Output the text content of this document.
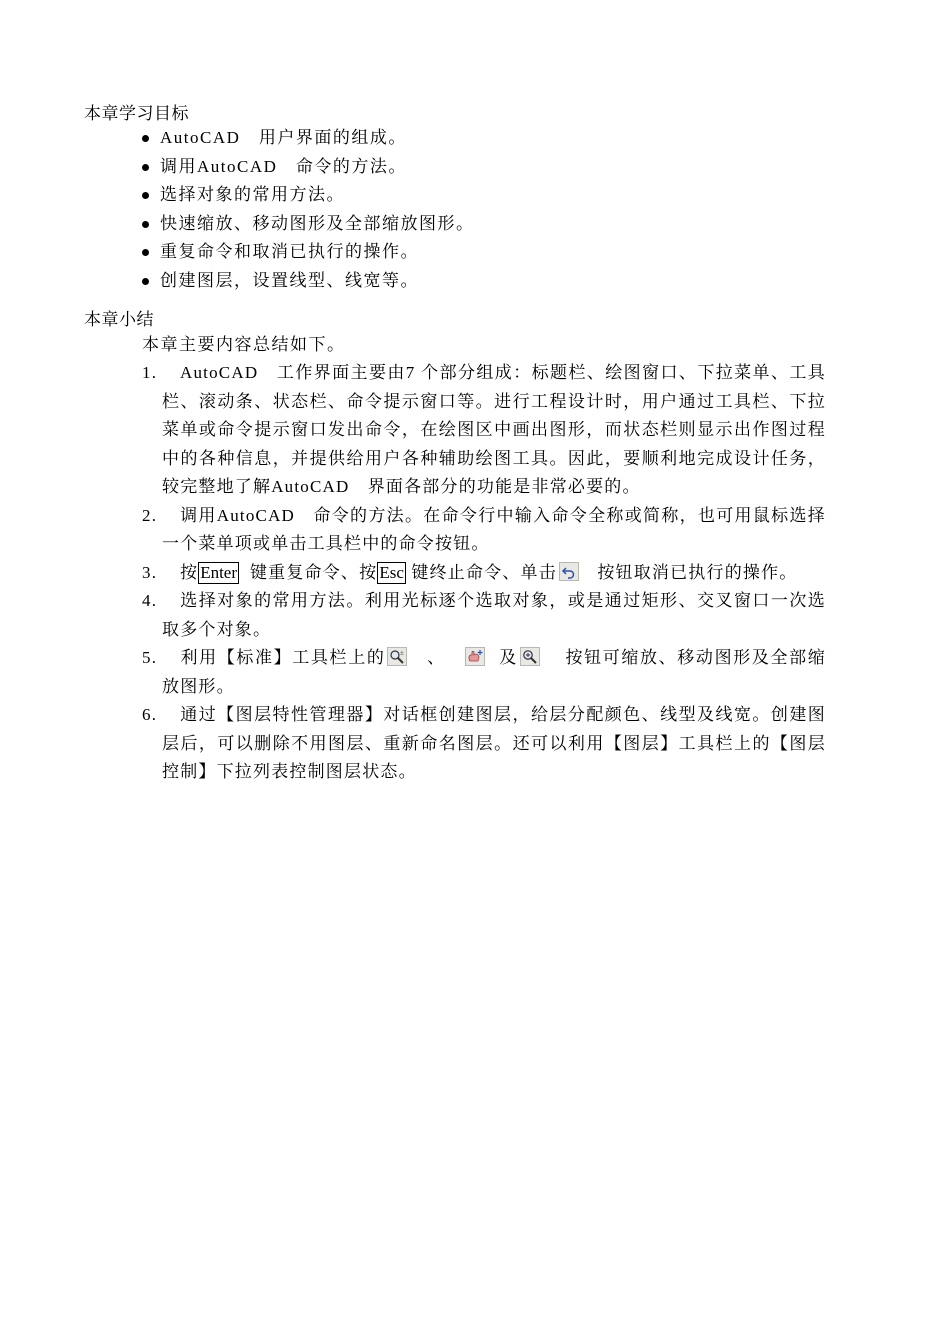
本章学习目标
AutoCAD　用户界面的组成。
调用AutoCAD　命令的方法。
选择对象的常用方法。
快速缩放、移动图形及全部缩放图形。
重复命令和取消已执行的操作。
创建图层，设置线型、线宽等。
本章小结
本章主要内容总结如下。
1.	AutoCAD　工作界面主要由7 个部分组成：标题栏、绘图窗口、下拉菜单、工具栏、滚动条、状态栏、命令提示窗口等。进行工程设计时，用户通过工具栏、下拉菜单或命令提示窗口发出命令，在绘图区中画出图形，而状态栏则显示出作图过程中的各种信息，并提供给用户各种辅助绘图工具。因此，要顺利地完成设计任务，较完整地了解AutoCAD　界面各部分的功能是非常必要的。
2.	调用AutoCAD　命令的方法。在命令行中输入命令全称或简称，也可用鼠标选择一个菜单项或单击工具栏中的命令按钮。
3.	按 Enter 键重复命令、按 Esc 键终止命令、单击 按钮取消已执行的操作。
4.	选择对象的常用方法。利用光标逐个选取对象，或是通过矩形、交叉窗口一次选取多个对象。
5.	利用【标准】工具栏上的 ± 、	及	按钮可缩放、移动图形及全部缩放图形。
6.	通过【图层特性管理器】对话框创建图层，给层分配颜色、线型及线宽。创建图层后，可以删除不用图层、重新命名图层。还可以利用【图层】工具栏上的【图层控制】下拉列表控制图层状态。
